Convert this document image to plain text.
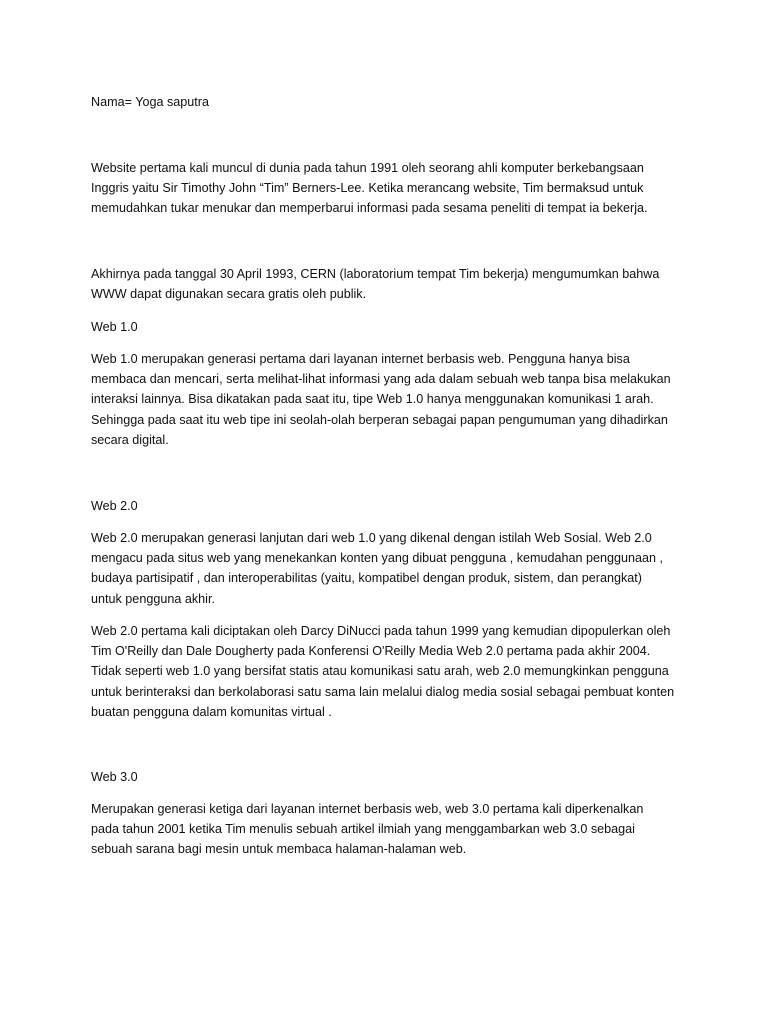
Nama= Yoga saputra

Website pertama kali muncul di dunia pada tahun 1991 oleh seorang ahli komputer berkebangsaan
Inggris yaitu Sir Timothy John “Tim” Berners-Lee. Ketika merancang website, Tim bermaksud untuk
memudahkan tukar menukar dan memperbarui informasi pada sesama peneliti di tempat ia bekerja.

Akhirnya pada tanggal 30 April 1993, CERN (laboratorium tempat Tim bekerja) mengumumkan bahwa
WWW dapat digunakan secara gratis oleh publik.

Web 1.0

Web 1.0 merupakan generasi pertama dari layanan internet berbasis web. Pengguna hanya bisa
membaca dan mencari, serta melihat-lihat informasi yang ada dalam sebuah web tanpa bisa melakukan
interaksi lainnya. Bisa dikatakan pada saat itu, tipe Web 1.0 hanya menggunakan komunikasi 1 arah.
Sehingga pada saat itu web tipe ini seolah-olah berperan sebagai papan pengumuman yang dihadirkan
secara digital.

Web 2.0

Web 2.0 merupakan generasi lanjutan dari web 1.0 yang dikenal dengan istilah Web Sosial. Web 2.0
mengacu pada situs web yang menekankan konten yang dibuat pengguna , kemudahan penggunaan ,
budaya partisipatif , dan interoperabilitas (yaitu, kompatibel dengan produk, sistem, dan perangkat)
untuk pengguna akhir.

Web 2.0 pertama kali diciptakan oleh Darcy DiNucci pada tahun 1999 yang kemudian dipopulerkan oleh
Tim O'Reilly dan Dale Dougherty pada Konferensi O'Reilly Media Web 2.0 pertama pada akhir 2004.
Tidak seperti web 1.0 yang bersifat statis atau komunikasi satu arah, web 2.0 memungkinkan pengguna
untuk berinteraksi dan berkolaborasi satu sama lain melalui dialog media sosial sebagai pembuat konten
buatan pengguna dalam komunitas virtual .

Web 3.0

Merupakan generasi ketiga dari layanan internet berbasis web, web 3.0 pertama kali diperkenalkan
pada tahun 2001 ketika Tim menulis sebuah artikel ilmiah yang menggambarkan web 3.0 sebagai
sebuah sarana bagi mesin untuk membaca halaman-halaman web.
